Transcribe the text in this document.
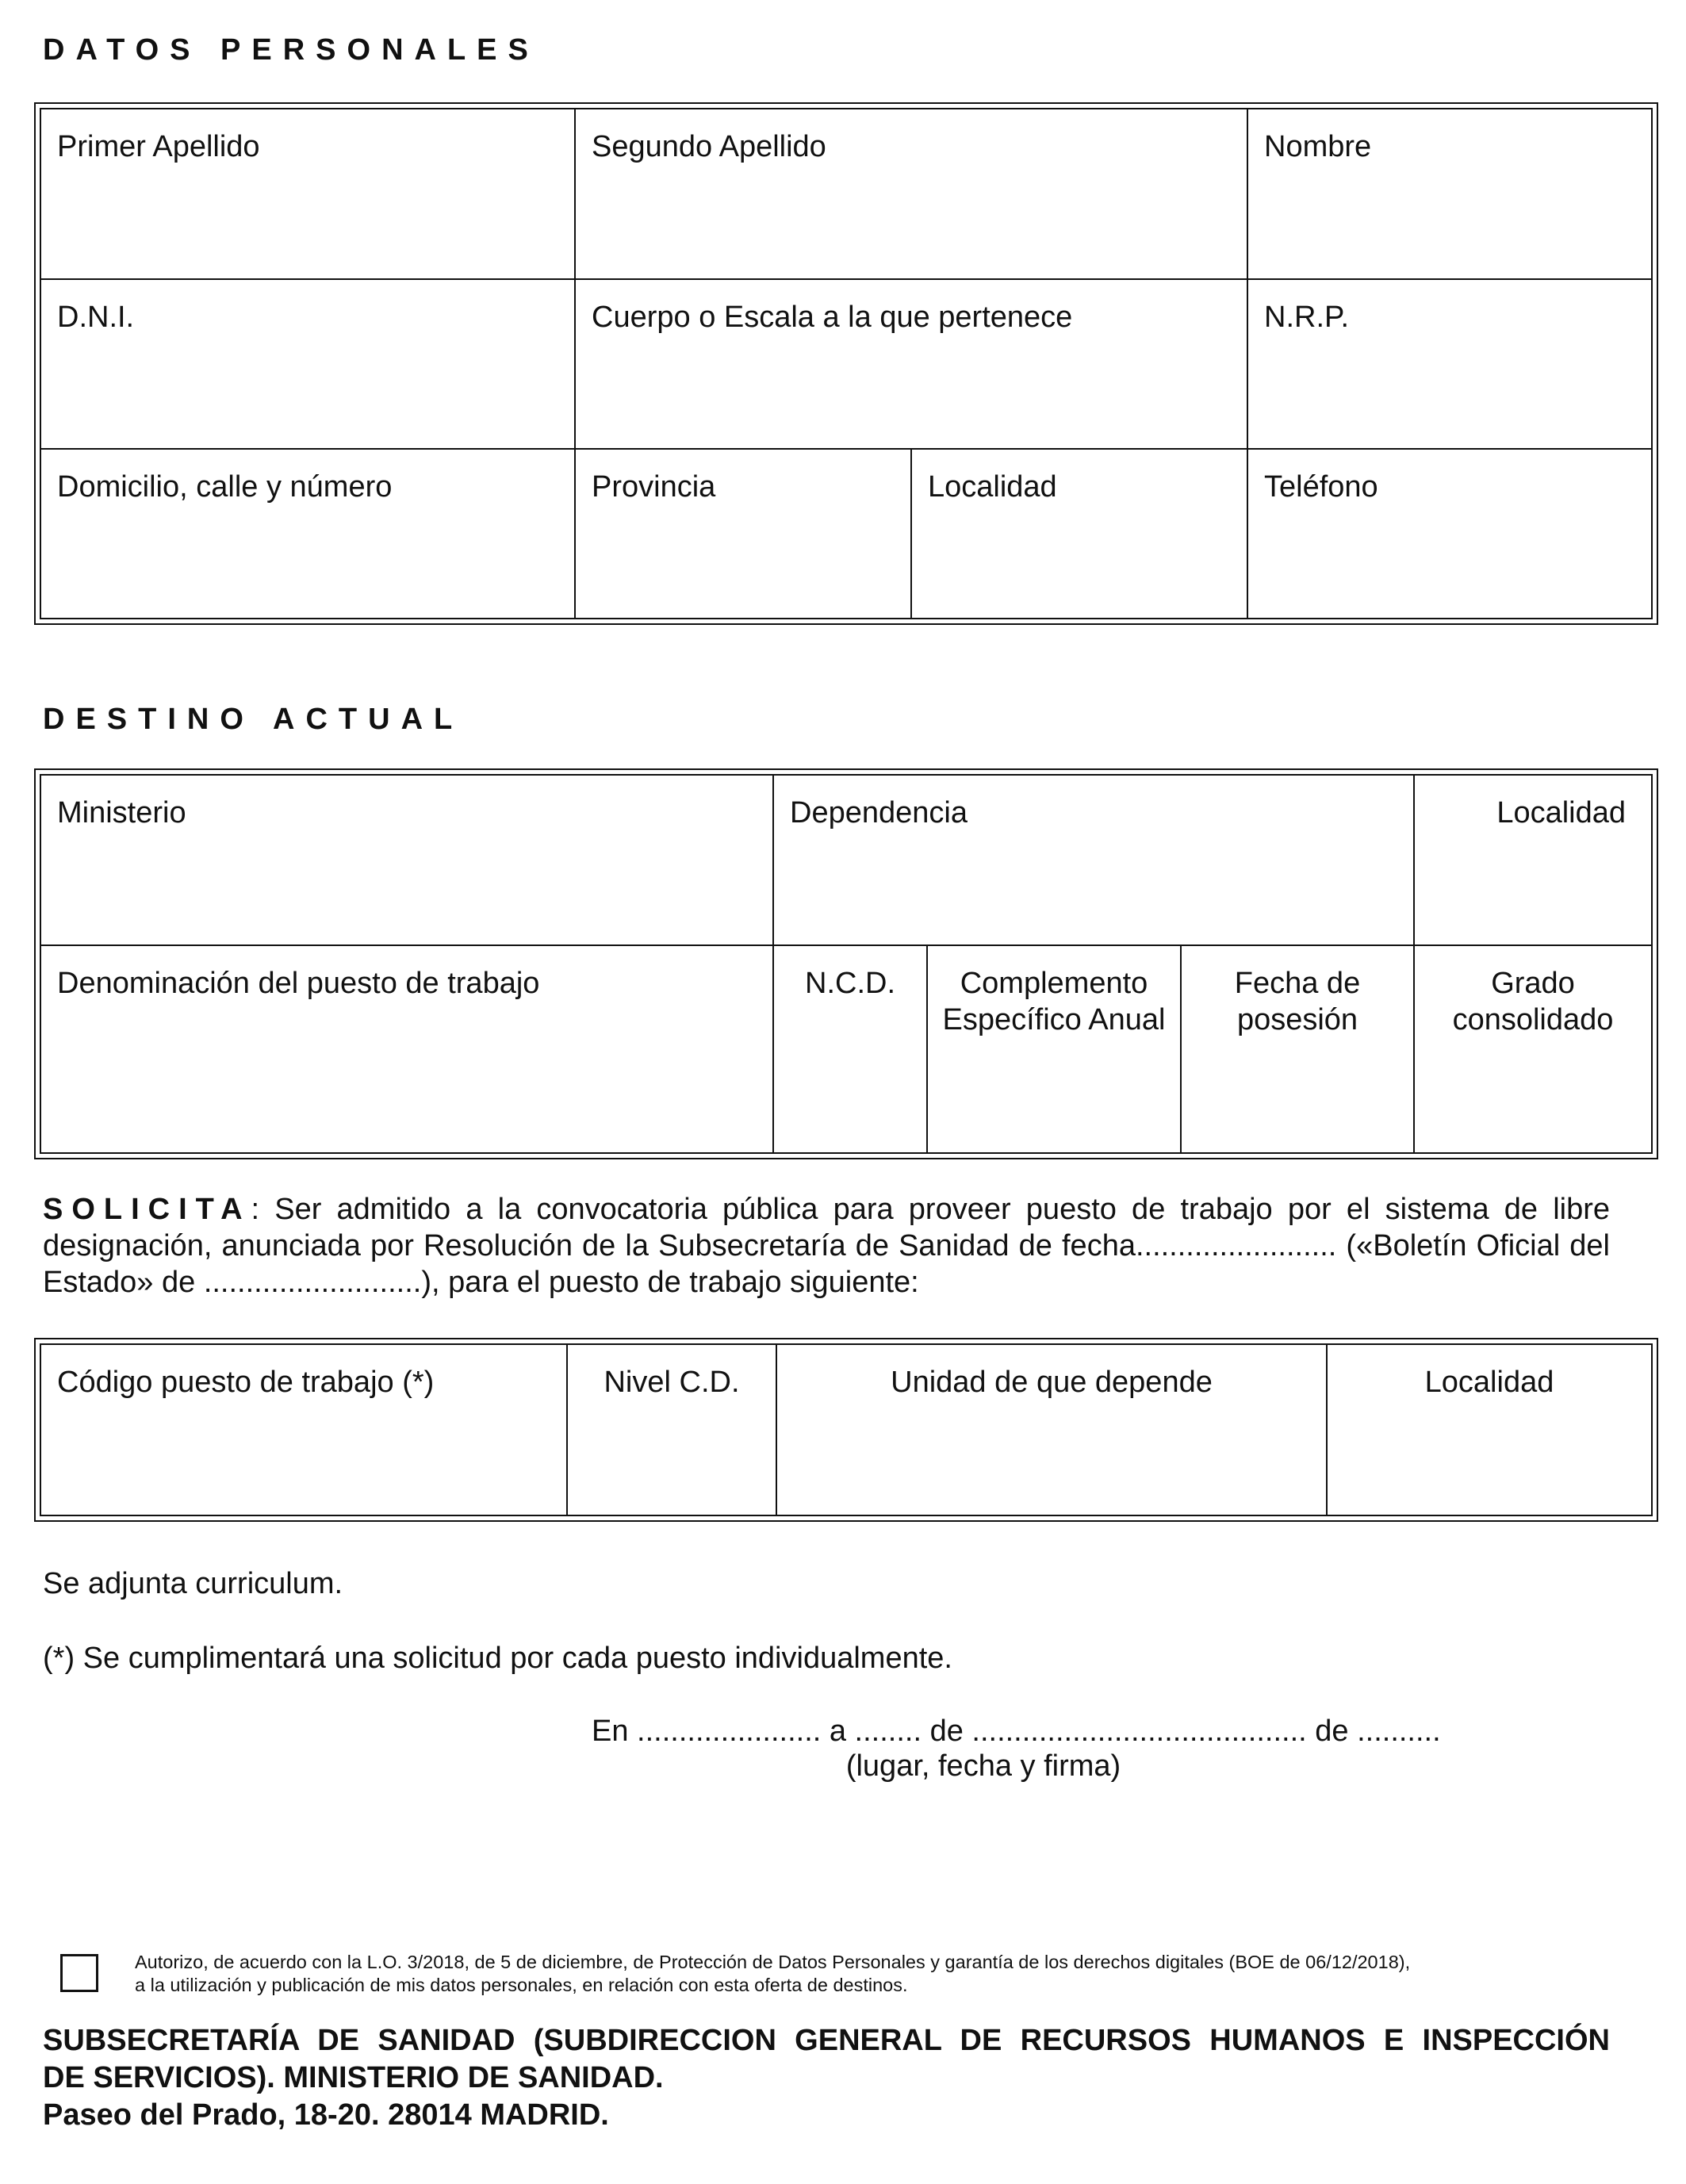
DATOS PERSONALES
Primer Apellido	Segundo Apellido		Nombre
D.N.I.	Cuerpo o Escala a la que pertenece		N.R.P.
Domicilio, calle y número	Provincia	Localidad	Teléfono
DESTINO ACTUAL
Ministerio	Dependencia			Localidad
Denominación del puesto de trabajo	N.C.D.	Complemento Específico Anual	Fecha de posesión	Grado consolidado
SOLICITA: Ser admitido a la convocatoria pública para proveer puesto de trabajo por el sistema de libre designación, anunciada por Resolución de la Subsecretaría de Sanidad de fecha........................ («Boletín Oficial del Estado» de ..........................), para el puesto de trabajo siguiente:
Código puesto de trabajo (*)	Nivel C.D.	Unidad de que depende	Localidad
Se adjunta curriculum.
(*) Se cumplimentará una solicitud por cada puesto individualmente.
En ...................... a ........ de ........................................ de ..........
(lugar, fecha y firma)
Autorizo, de acuerdo con la L.O. 3/2018, de 5 de diciembre, de Protección de Datos Personales y garantía de los derechos digitales (BOE de 06/12/2018), a la utilización y publicación de mis datos personales, en relación con esta oferta de destinos.
SUBSECRETARÍA DE SANIDAD (SUBDIRECCION GENERAL DE RECURSOS HUMANOS E INSPECCIÓN
DE SERVICIOS). MINISTERIO DE SANIDAD.
Paseo del Prado, 18-20. 28014 MADRID.
